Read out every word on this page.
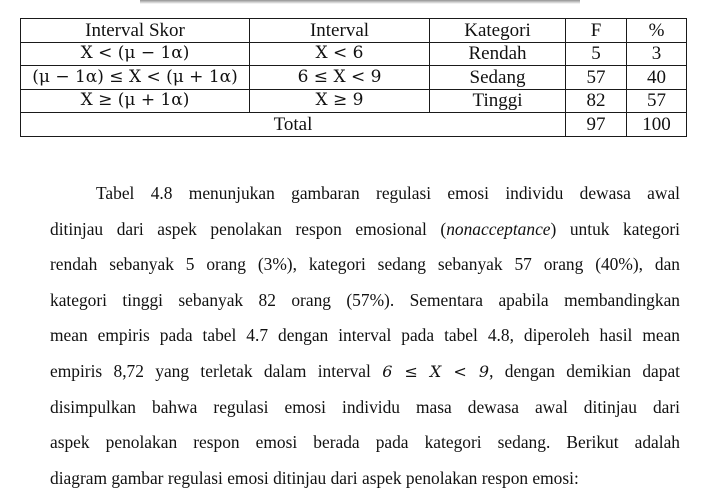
Interval Skor	Interval	Kategori	F	%
X < (μ − 1α)	X < 6	Rendah	5	3
(μ − 1α) ≤ X < (μ + 1α)	6 ≤ X < 9	Sedang	57	40
X ≥ (μ + 1α)	X ≥ 9	Tinggi	82	57
Total			97	100
Tabel 4.8 menunjukan gambaran regulasi emosi individu dewasa awal
ditinjau dari aspek penolakan respon emosional (nonacceptance) untuk kategori
rendah sebanyak 5 orang (3%), kategori sedang sebanyak 57 orang (40%), dan
kategori tinggi sebanyak 82 orang (57%). Sementara apabila membandingkan
mean empiris pada tabel 4.7 dengan interval pada tabel 4.8, diperoleh hasil mean
empiris 8,72 yang terletak dalam interval 6 ≤ X < 9, dengan demikian dapat
disimpulkan bahwa regulasi emosi individu masa dewasa awal ditinjau dari
aspek penolakan respon emosi berada pada kategori sedang. Berikut adalah
diagram gambar regulasi emosi ditinjau dari aspek penolakan respon emosi:
